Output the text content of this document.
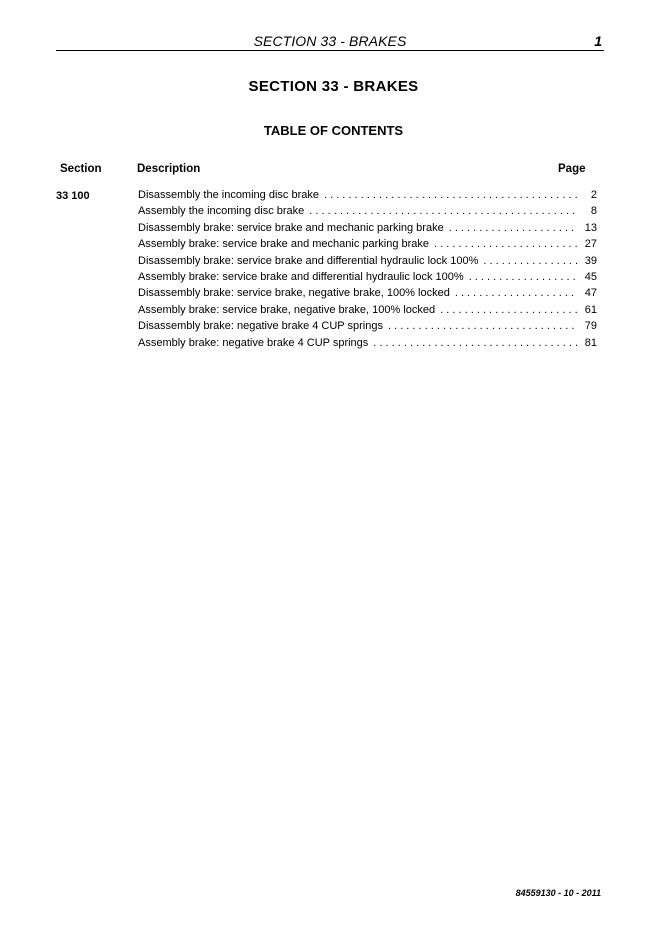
SECTION 33 - BRAKES	1
SECTION 33 - BRAKES
TABLE OF CONTENTS
Section	Description	Page
33 100	Disassembly the incoming disc brake . . .	2
Assembly the incoming disc brake . . .	8
Disassembly brake: service brake and mechanic parking brake . . .	13
Assembly brake: service brake and mechanic parking brake . . .	27
Disassembly brake: service brake and differential hydraulic lock 100% . . .	39
Assembly brake: service brake and differential hydraulic lock 100% . . .	45
Disassembly brake: service brake, negative brake, 100% locked . . .	47
Assembly brake: service brake, negative brake, 100% locked . . .	61
Disassembly brake: negative brake 4 CUP springs . . .	79
Assembly brake: negative brake 4 CUP springs . . .	81
84559130 - 10 - 2011
